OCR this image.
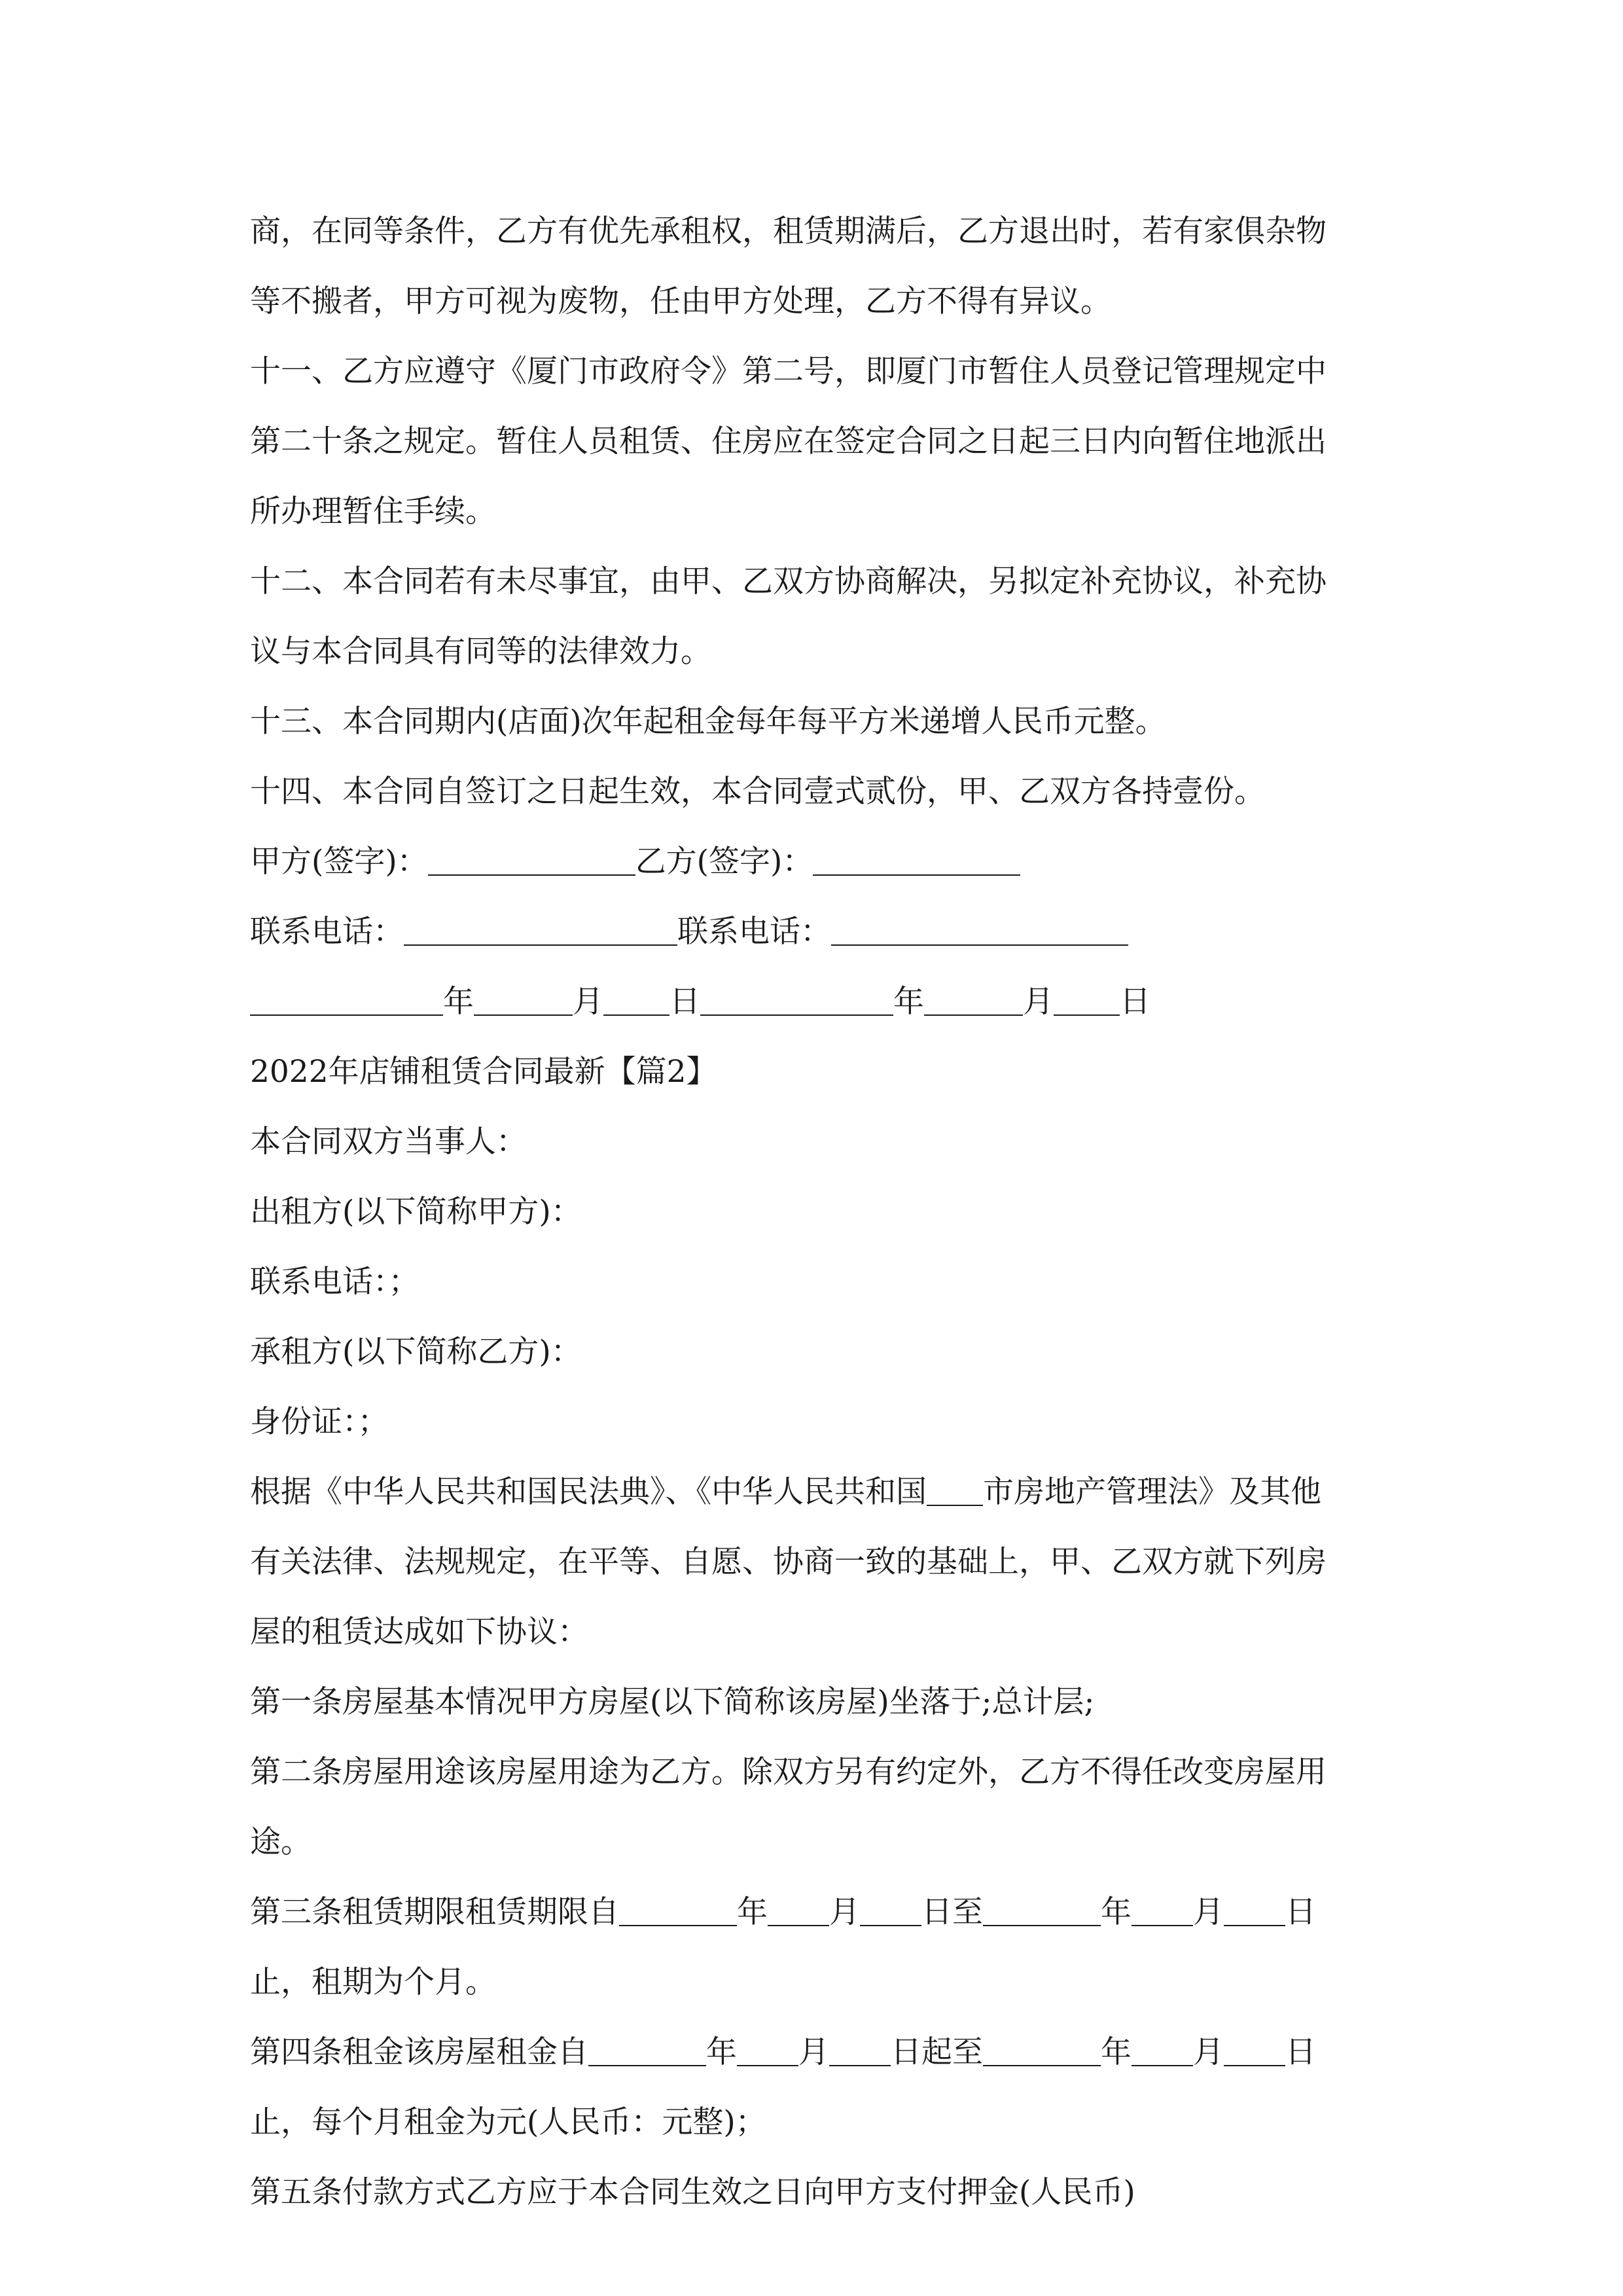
商，在同等条件，乙方有优先承租权，租赁期满后，乙方退出时，若有家俱杂物
等不搬者，甲方可视为废物，任由甲方处理，乙方不得有异议。
十一、乙方应遵守《厦门市政府令》第二号，即厦门市暂住人员登记管理规定中
第二十条之规定。暂住人员租赁、住房应在签定合同之日起三日内向暂住地派出
所办理暂住手续。
十二、本合同若有未尽事宜，由甲、乙双方协商解决，另拟定补充协议，补充协
议与本合同具有同等的法律效力。
十三、本合同期内(店面)次年起租金每年每平方米递增人民币元整。
十四、本合同自签订之日起生效，本合同壹式贰份，甲、乙双方各持壹份。
甲方(签字)：	乙方(签字)：
联系电话：	联系电话：
年	月 日	年	月 日
2022年店铺租赁合同最新【篇2】
本合同双方当事人：
出租方(以下简称甲方)：
联系电话：；
承租方(以下简称乙方)：
身份证：；
根据《中华人民共和国民法典》、《中华人民共和国 市房地产管理法》及其他
有关法律、法规规定，在平等、自愿、协商一致的基础上，甲、乙双方就下列房
屋的租赁达成如下协议：
第一条房屋基本情况甲方房屋(以下简称该房屋)坐落于;总计层;
第二条房屋用途该房屋用途为乙方。除双方另有约定外，乙方不得任改变房屋用
途。
第三条租赁期限租赁期限自	年 月 日至	年 月 日
止，租期为个月。
第四条租金该房屋租金自	年 月 日起至	年 月 日
止，每个月租金为元(人民币：元整)；
第五条付款方式乙方应于本合同生效之日向甲方支付押金(人民币)
